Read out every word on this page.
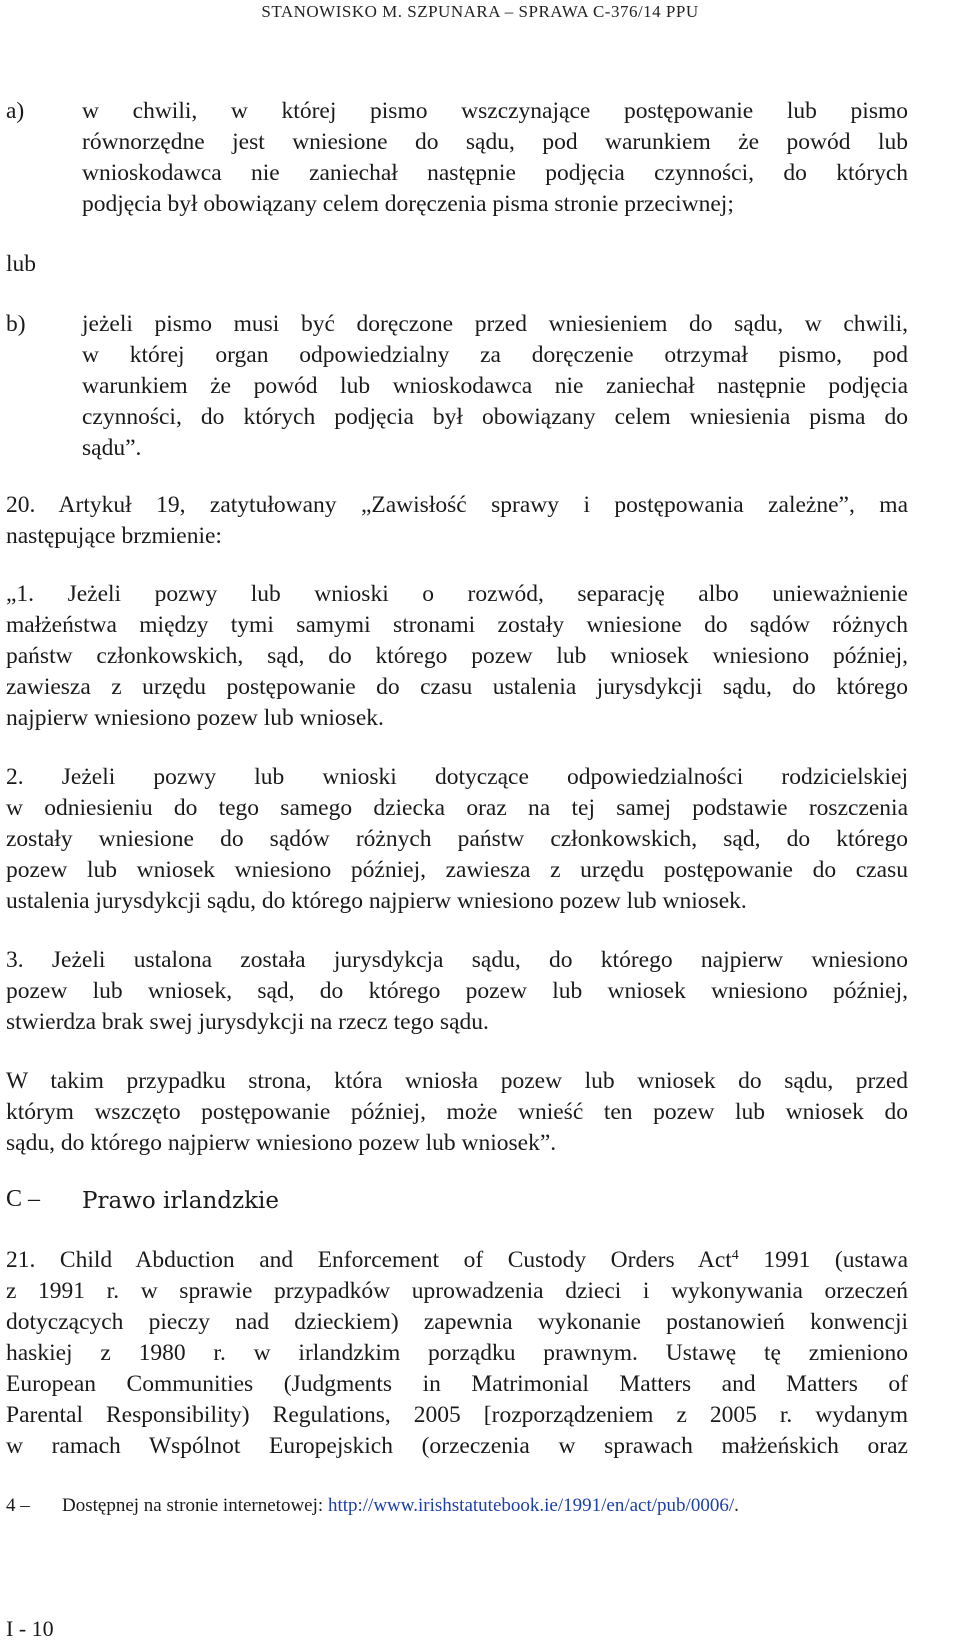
STANOWISKO M. SZPUNARA – SPRAWA C-376/14 PPU
a) w chwili, w której pismo wszczynające postępowanie lub pismo
równorzędne jest wniesione do sądu, pod warunkiem że powód lub
wnioskodawca nie zaniechał następnie podjęcia czynności, do których
podjęcia był obowiązany celem doręczenia pisma stronie przeciwnej;
lub
b) jeżeli pismo musi być doręczone przed wniesieniem do sądu, w chwili,
w której organ odpowiedzialny za doręczenie otrzymał pismo, pod
warunkiem że powód lub wnioskodawca nie zaniechał następnie podjęcia
czynności, do których podjęcia był obowiązany celem wniesienia pisma do
sądu”.
20. Artykuł 19, zatytułowany „Zawisłość sprawy i postępowania zależne”, ma
następujące brzmienie:
„1. Jeżeli pozwy lub wnioski o rozwód, separację albo unieważnienie
małżeństwa między tymi samymi stronami zostały wniesione do sądów różnych
państw członkowskich, sąd, do którego pozew lub wniosek wniesiono później,
zawiesza z urzędu postępowanie do czasu ustalenia jurysdykcji sądu, do którego
najpierw wniesiono pozew lub wniosek.
2. Jeżeli pozwy lub wnioski dotyczące odpowiedzialności rodzicielskiej
w odniesieniu do tego samego dziecka oraz na tej samej podstawie roszczenia
zostały wniesione do sądów różnych państw członkowskich, sąd, do którego
pozew lub wniosek wniesiono później, zawiesza z urzędu postępowanie do czasu
ustalenia jurysdykcji sądu, do którego najpierw wniesiono pozew lub wniosek.
3. Jeżeli ustalona została jurysdykcja sądu, do którego najpierw wniesiono
pozew lub wniosek, sąd, do którego pozew lub wniosek wniesiono później,
stwierdza brak swej jurysdykcji na rzecz tego sądu.
W takim przypadku strona, która wniosła pozew lub wniosek do sądu, przed
którym wszczęto postępowanie później, może wnieść ten pozew lub wniosek do
sądu, do którego najpierw wniesiono pozew lub wniosek”.
C – Prawo irlandzkie
21. Child Abduction and Enforcement of Custody Orders Act$^4$ 1991 (ustawa
z 1991 r. w sprawie przypadków uprowadzenia dzieci i wykonywania orzeczeń
dotyczących pieczy nad dzieckiem) zapewnia wykonanie postanowień konwencji
haskiej z 1980 r. w irlandzkim porządku prawnym. Ustawę tę zmieniono
European Communities (Judgments in Matrimonial Matters and Matters of
Parental Responsibility) Regulations, 2005 [rozporządzeniem z 2005 r. wydanym
w ramach Wspólnot Europejskich (orzeczenia w sprawach małżeńskich oraz
4 – Dostępnej na stronie internetowej: http://www.irishstatutebook.ie/1991/en/act/pub/0006/.
I - 10
